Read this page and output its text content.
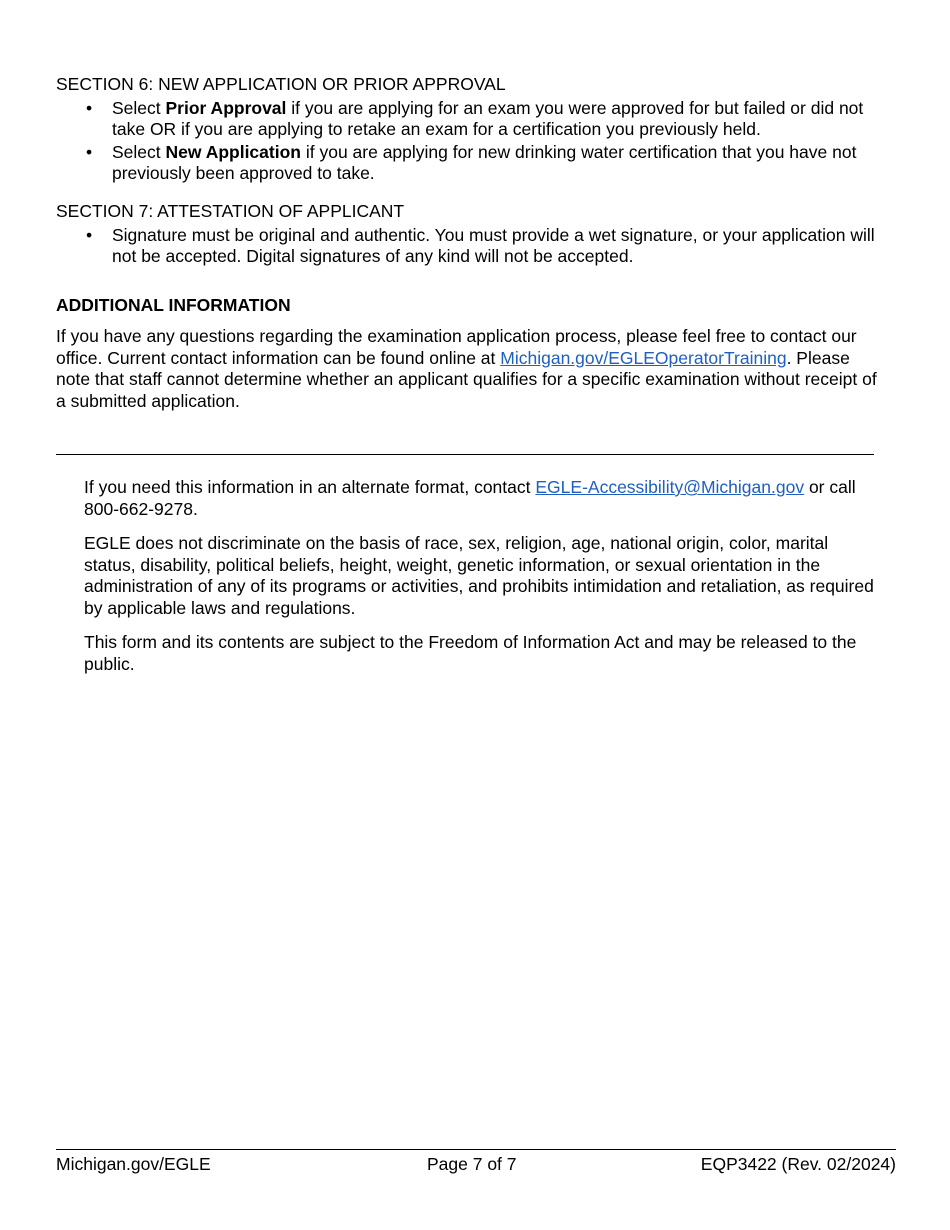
SECTION 6: NEW APPLICATION OR PRIOR APPROVAL
• Select Prior Approval if you are applying for an exam you were approved for but failed or did not take OR if you are applying to retake an exam for a certification you previously held.
• Select New Application if you are applying for new drinking water certification that you have not previously been approved to take.
SECTION 7: ATTESTATION OF APPLICANT
• Signature must be original and authentic. You must provide a wet signature, or your application will not be accepted. Digital signatures of any kind will not be accepted.
ADDITIONAL INFORMATION
If you have any questions regarding the examination application process, please feel free to contact our office. Current contact information can be found online at Michigan.gov/EGLEOperatorTraining. Please note that staff cannot determine whether an applicant qualifies for a specific examination without receipt of a submitted application.

If you need this information in an alternate format, contact EGLE-Accessibility@Michigan.gov or call 800-662-9278.

EGLE does not discriminate on the basis of race, sex, religion, age, national origin, color, marital status, disability, political beliefs, height, weight, genetic information, or sexual orientation in the administration of any of its programs or activities, and prohibits intimidation and retaliation, as required by applicable laws and regulations.

This form and its contents are subject to the Freedom of Information Act and may be released to the public.

Michigan.gov/EGLE	Page 7 of 7	EQP3422 (Rev. 02/2024)
